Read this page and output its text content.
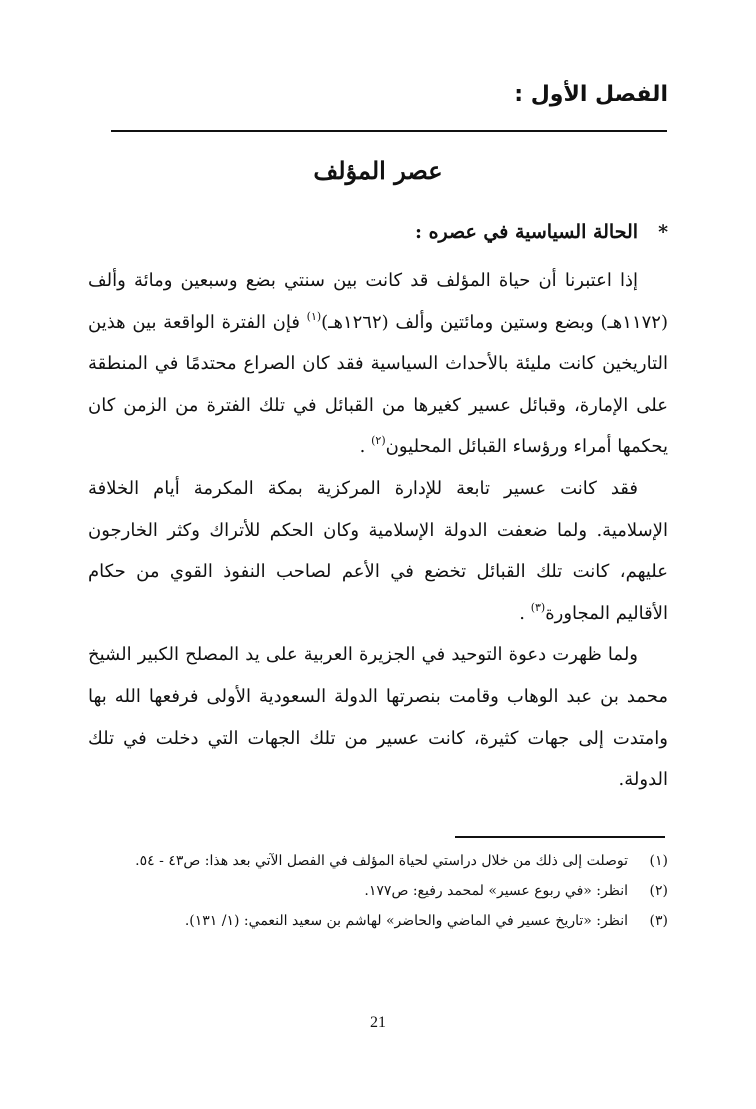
الفصل الأول :
عصر المؤلف
*الحالة السياسية في عصره :

إذا اعتبرنا أن حياة المؤلف قد كانت بين سنتي بضع وسبعين ومائة وألف (١١٧٢هـ) وبضع وستين ومائتين وألف (١٢٦٢هـ)$^{(١)}$ فإن الفترة الواقعة بين هذين التاريخين كانت مليئة بالأحداث السياسية فقد كان الصراع محتدمًا في المنطقة على الإمارة، وقبائل عسير كغيرها من القبائل في تلك الفترة من الزمن كان يحكمها أمراء ورؤساء القبائل المحليون$^{(٢)}$ .

فقد كانت عسير تابعة للإدارة المركزية بمكة المكرمة أيام الخلافة الإسلامية. ولما ضعفت الدولة الإسلامية وكان الحكم للأتراك وكثر الخارجون عليهم، كانت تلك القبائل تخضع في الأعم لصاحب النفوذ القوي من حكام الأقاليم المجاورة$^{(٣)}$ .

ولما ظهرت دعوة التوحيد في الجزيرة العربية على يد المصلح الكبير الشيخ محمد بن عبد الوهاب وقامت بنصرتها الدولة السعودية الأولى فرفعها الله بها وامتدت إلى جهات كثيرة، كانت عسير من تلك الجهات التي دخلت في تلك الدولة.

(١)
توصلت إلى ذلك من خلال دراستي لحياة المؤلف في الفصل الآتي بعد هذا: ص٤٣ - ٥٤.
(٢)
انظر: «في ربوع عسير» لمحمد رفيع: ص١٧٧.
(٣)
انظر: «تاريخ عسير في الماضي والحاضر» لهاشم بن سعيد النعمي: (١/ ١٣١).
21
